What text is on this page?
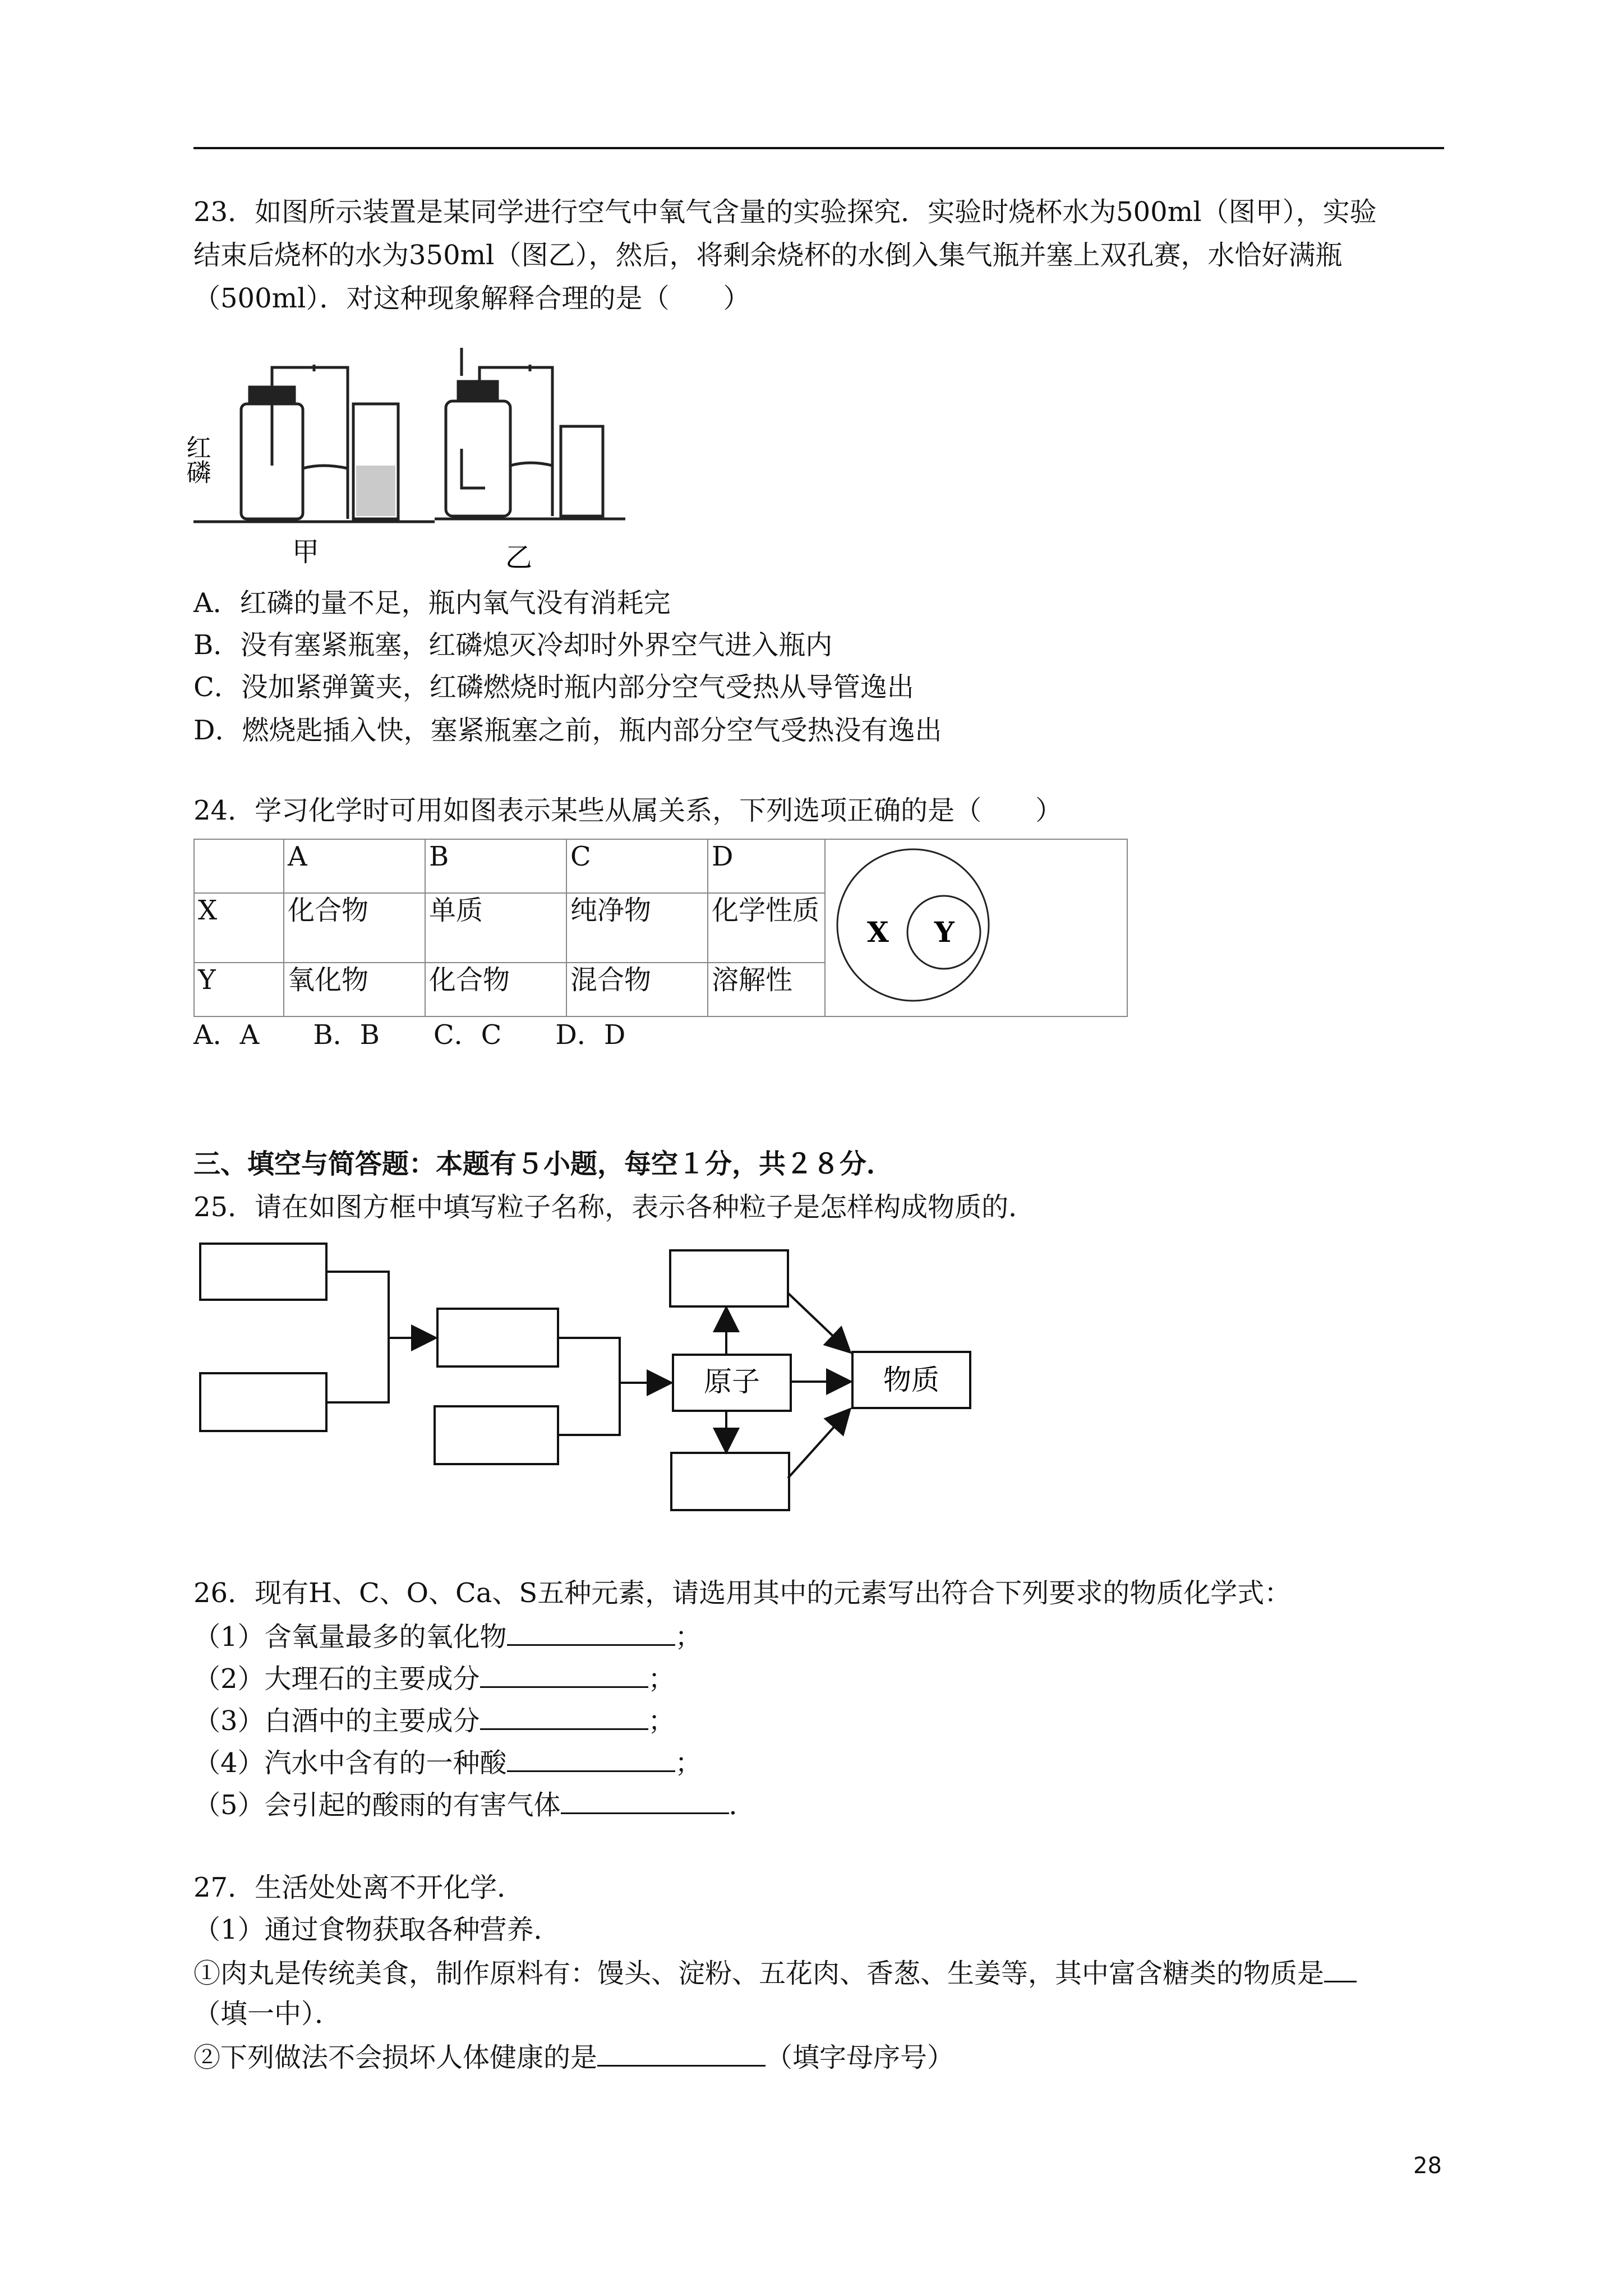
23．如图所示装置是某同学进行空气中氧气含量的实验探究．实验时烧杯水为500ml（图甲），实验
结束后烧杯的水为350ml（图乙），然后，将剩余烧杯的水倒入集气瓶并塞上双孔赛，水恰好满瓶
（500ml）．对这种现象解释合理的是（　　）
红磷
甲	乙
A．红磷的量不足，瓶内氧气没有消耗完
B．没有塞紧瓶塞，红磷熄灭冷却时外界空气进入瓶内
C．没加紧弹簧夹，红磷燃烧时瓶内部分空气受热从导管逸出
D．燃烧匙插入快，塞紧瓶塞之前，瓶内部分空气受热没有逸出
24．学习化学时可用如图表示某些从属关系，下列选项正确的是（　　）
	A	B	C	D	X Y

X	化合物	单质	纯净物	化学性质	
Y	氧化物	化合物	混合物	溶解性	
A．A　　B．B　　C．C　　D．D
三、填空与简答题：本题有５小题，每空１分，共２８分．
25．请在如图方框中填写粒子名称，表示各种粒子是怎样构成物质的．
原子	物质
26．现有H、C、O、Ca、S五种元素，请选用其中的元素写出符合下列要求的物质化学式：
（1）含氧量最多的氧化物	；
（2）大理石的主要成分	；
（3）白酒中的主要成分	；
（4）汽水中含有的一种酸	；
（5）会引起的酸雨的有害气体	．
27．生活处处离不开化学．
（1）通过食物获取各种营养．
①肉丸是传统美食，制作原料有：馒头、淀粉、五花肉、香葱、生姜等，其中富含糖类的物质是
（填一中）．
②下列做法不会损坏人体健康的是	（填字母序号）
28
